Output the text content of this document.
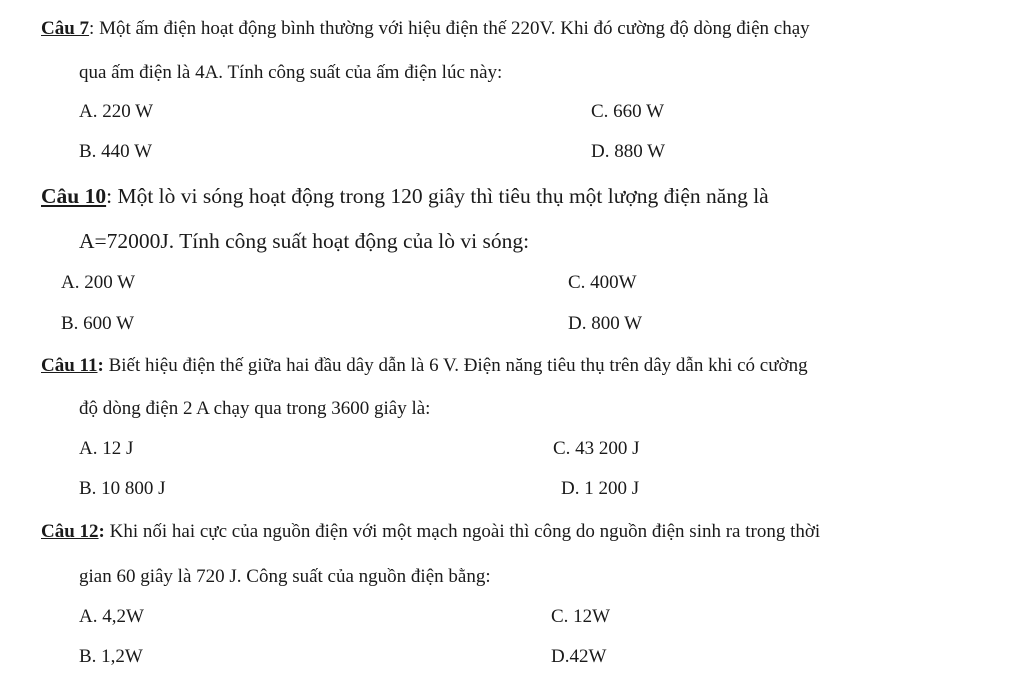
Câu 7: Một ấm điện hoạt động bình thường với hiệu điện thế 220V. Khi đó cường độ dòng điện chạy
qua ấm điện là 4A. Tính công suất của ấm điện lúc này:
A. 220 W	C. 660 W
B. 440 W	D. 880 W
Câu 10: Một lò vi sóng hoạt động trong 120 giây thì tiêu thụ một lượng điện năng là
A=72000J. Tính công suất hoạt động của lò vi sóng:
A. 200 W	C. 400W
B. 600 W	D. 800 W
Câu 11: Biết hiệu điện thế giữa hai đầu dây dẫn là 6 V. Điện năng tiêu thụ trên dây dẫn khi có cường
độ dòng điện 2 A chạy qua trong 3600 giây là:
A. 12 J	C. 43 200 J
B. 10 800 J	D. 1 200 J
Câu 12: Khi nối hai cực của nguồn điện với một mạch ngoài thì công do nguồn điện sinh ra trong thời
gian 60 giây là 720 J. Công suất của nguồn điện bằng:
A. 4,2W	C. 12W
B. 1,2W	D.42W
